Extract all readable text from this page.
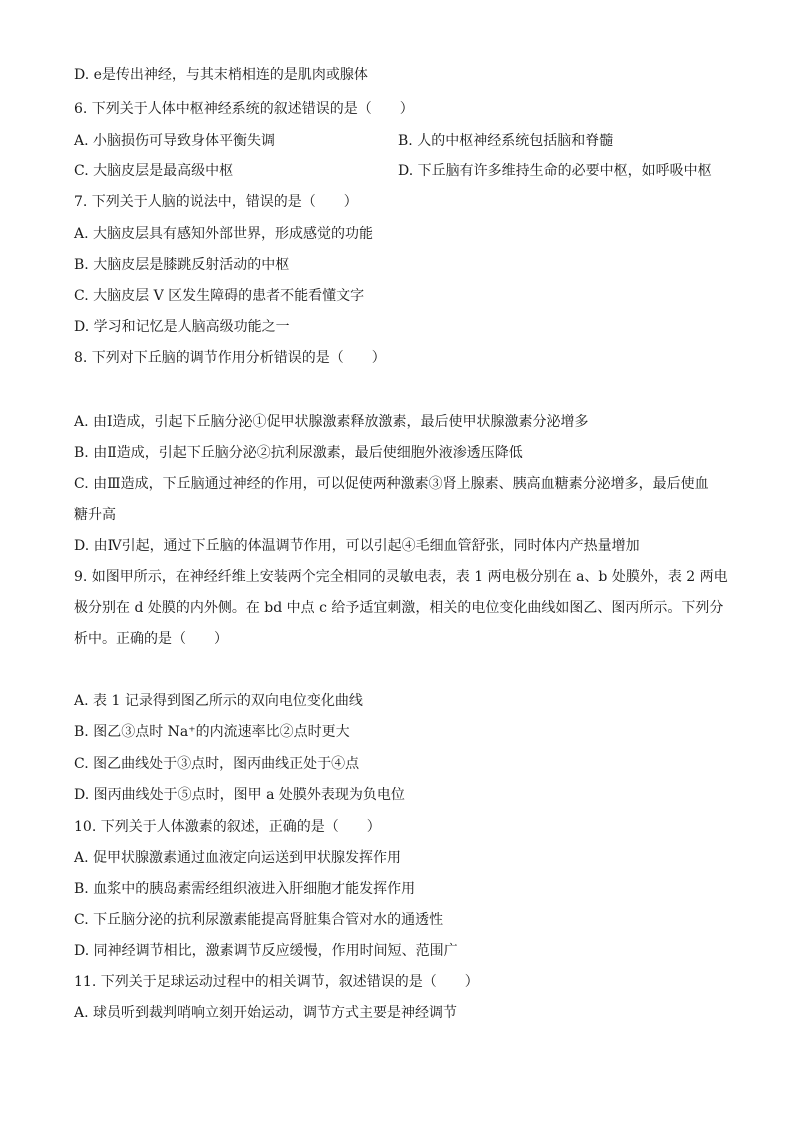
D. e是传出神经，与其末梢相连的是肌肉或腺体
6. 下列关于人体中枢神经系统的叙述错误的是（　　）
A. 小脑损伤可导致身体平衡失调	B. 人的中枢神经系统包括脑和脊髓
C. 大脑皮层是最高级中枢	D. 下丘脑有许多维持生命的必要中枢，如呼吸中枢
7. 下列关于人脑的说法中，错误的是（　　）
A. 大脑皮层具有感知外部世界，形成感觉的功能
B. 大脑皮层是膝跳反射活动的中枢
C. 大脑皮层 V 区发生障碍的患者不能看懂文字
D. 学习和记忆是人脑高级功能之一
8. 下列对下丘脑的调节作用分析错误的是（　　）
A. 由Ⅰ造成，引起下丘脑分泌①促甲状腺激素释放激素，最后使甲状腺激素分泌增多
B. 由Ⅱ造成，引起下丘脑分泌②抗利尿激素，最后使细胞外液渗透压降低
C. 由Ⅲ造成，下丘脑通过神经的作用，可以促使两种激素③肾上腺素、胰高血糖素分泌增多，最后使血
糖升高
D. 由Ⅳ引起，通过下丘脑的体温调节作用，可以引起④毛细血管舒张，同时体内产热量增加
9. 如图甲所示，在神经纤维上安装两个完全相同的灵敏电表，表 1 两电极分别在 a、b 处膜外，表 2 两电
极分别在 d 处膜的内外侧。在 bd 中点 c 给予适宜刺激，相关的电位变化曲线如图乙、图丙所示。下列分
析中。正确的是（　　）
A. 表 1 记录得到图乙所示的双向电位变化曲线
B. 图乙③点时 Na⁺的内流速率比②点时更大
C. 图乙曲线处于③点时，图丙曲线正处于④点
D. 图丙曲线处于⑤点时，图甲 a 处膜外表现为负电位
10. 下列关于人体激素的叙述，正确的是（　　）
A. 促甲状腺激素通过血液定向运送到甲状腺发挥作用
B. 血浆中的胰岛素需经组织液进入肝细胞才能发挥作用
C. 下丘脑分泌的抗利尿激素能提高肾脏集合管对水的通透性
D. 同神经调节相比，激素调节反应缓慢，作用时间短、范围广
11. 下列关于足球运动过程中的相关调节，叙述错误的是（　　）
A. 球员听到裁判哨响立刻开始运动，调节方式主要是神经调节
